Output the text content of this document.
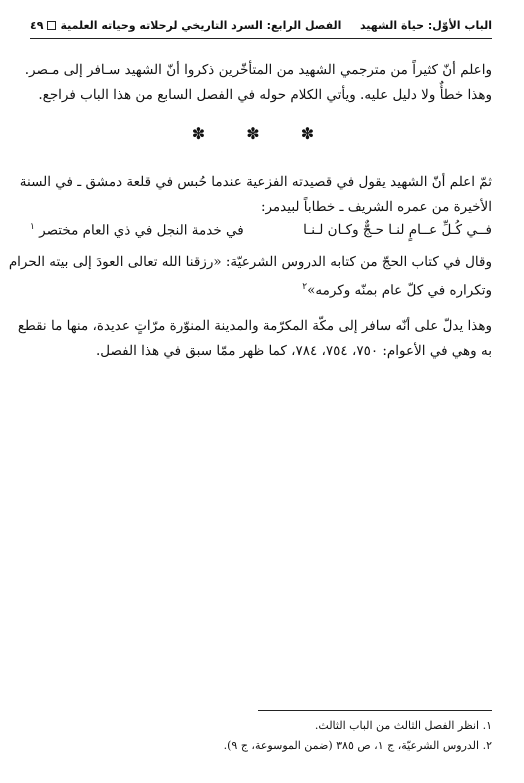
الباب الأوّل: حياة الشهيد
الفصل الرابع: السرد التاريخي لرحلاته وحياته العلمية
٤٩

واعلم أنّ كثيراً من مترجمي الشهيد من المتأخّرين ذكروا أنّ الشهيد سـافر إلى مـصر.
وهذا خطأٌ ولا دليل عليه. ويأتي الكلام حوله في الفصل السابع من هذا الباب فراجع.

✽ ✽ ✽

ثمّ اعلم أنّ الشهيد يقول في قصيدته الفزعية عندما حُبس في قلعة دمشق ـ في السنة
الأخيرة من عمره الشريف ـ خطاباً لبيدمر:

فــي كُـلِّ عــامٍ لنـا حـجٌّ وكـان لـنـا
في خدمة النجل في ذي العام مختصر $^١$

وقال في كتاب الحجّ من كتابه الدروس الشرعيّة: «رزقنا الله تعالى العودَ إلى بيته الحرام
وتكراره في كلّ عام بمنّه وكرمه»$^٢$

وهذا يدلّ على أنّه سافر إلى مكّة المكرّمة والمدينة المنوّرة مرّاتٍ عديدة، منها ما نقطع
به وهي في الأعوام: ٧٥٠، ٧٥٤، ٧٨٤، كما ظهر ممّا سبق في هذا الفصل.

١. انظر الفصل الثالث من الباب الثالث.
٢. الدروس الشرعيّة، ج ١، ص ٣٨٥ (ضمن الموسوعة، ج ٩).
